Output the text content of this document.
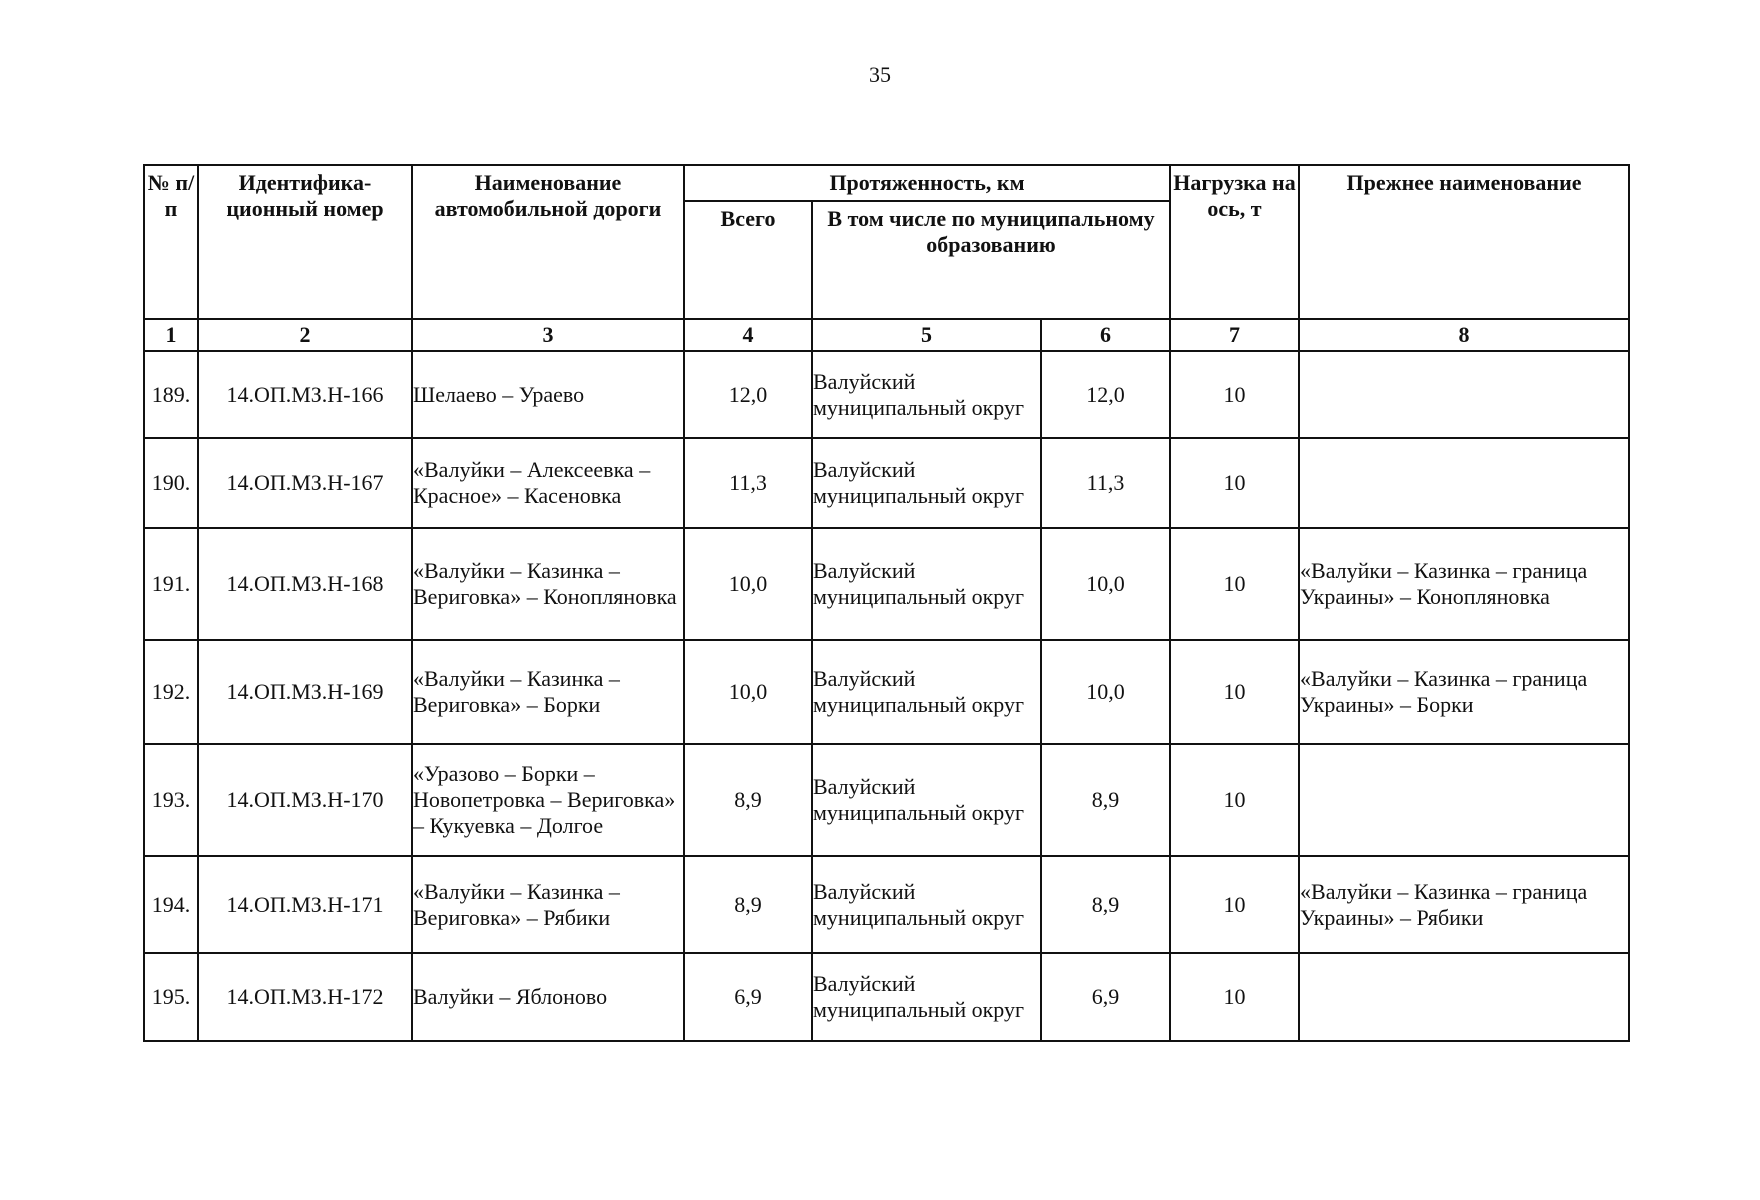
35
№ п/п	Идентифика-ционный номер	Наименование автомобильной дороги	Протяженность, км			Нагрузка на ось, т	Прежнее наименование
			Всего	В том числе по муниципальному образованию			
1	2	3	4	5	6	7	8
189.	14.ОП.МЗ.Н-166	Шелаево – Ураево	12,0	Валуйский муниципальный округ	12,0	10	
190.	14.ОП.МЗ.Н-167	«Валуйки – Алексеевка – Красное» – Касеновка	11,3	Валуйский муниципальный округ	11,3	10	
191.	14.ОП.МЗ.Н-168	«Валуйки – Казинка – Вериговка» – Конопляновка	10,0	Валуйский муниципальный округ	10,0	10	«Валуйки – Казинка – граница Украины» – Конопляновка
192.	14.ОП.МЗ.Н-169	«Валуйки – Казинка – Вериговка» – Борки	10,0	Валуйский муниципальный округ	10,0	10	«Валуйки – Казинка – граница Украины» – Борки
193.	14.ОП.МЗ.Н-170	«Уразово – Борки – Новопетровка – Вериговка» – Кукуевка – Долгое	8,9	Валуйский муниципальный округ	8,9	10	
194.	14.ОП.МЗ.Н-171	«Валуйки – Казинка – Вериговка» – Рябики	8,9	Валуйский муниципальный округ	8,9	10	«Валуйки – Казинка – граница Украины» – Рябики
195.	14.ОП.МЗ.Н-172	Валуйки – Яблоново	6,9	Валуйский муниципальный округ	6,9	10	
